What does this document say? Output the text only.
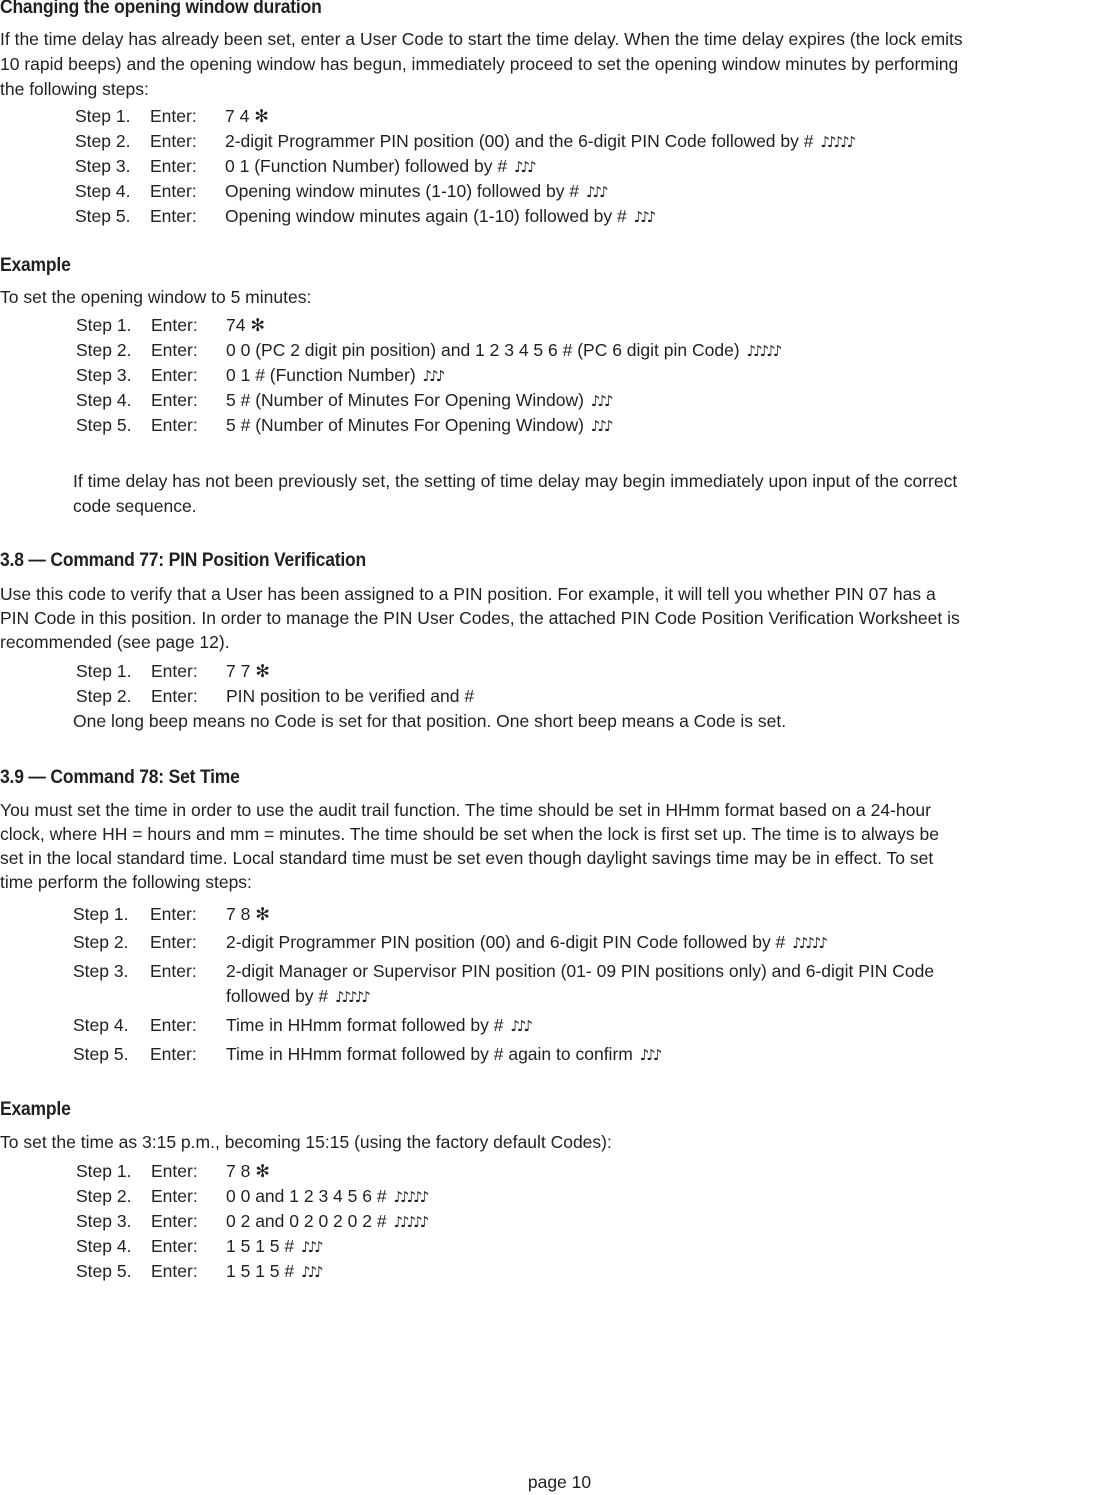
Changing the opening window duration
If the time delay has already been set, enter a User Code to start the time delay. When the time delay expires (the lock emits
10 rapid beeps) and the opening window has begun, immediately proceed to set the opening window minutes by performing
the following steps:
Step 1. Enter: 7 4 ✻
Step 2. Enter: 2-digit Programmer PIN position (00) and the 6-digit PIN Code followed by # ♪♪♪♪♪
Step 3. Enter: 0 1 (Function Number) followed by # ♪♪♪
Step 4. Enter: Opening window minutes (1-10) followed by # ♪♪♪
Step 5. Enter: Opening window minutes again (1-10) followed by # ♪♪♪
Example
To set the opening window to 5 minutes:
Step 1. Enter: 74 ✻
Step 2. Enter: 0 0 (PC 2 digit pin position) and 1 2 3 4 5 6 # (PC 6 digit pin Code) ♪♪♪♪♪
Step 3. Enter: 0 1 # (Function Number) ♪♪♪
Step 4. Enter: 5 # (Number of Minutes For Opening Window) ♪♪♪
Step 5. Enter: 5 # (Number of Minutes For Opening Window) ♪♪♪
If time delay has not been previously set, the setting of time delay may begin immediately upon input of the correct
code sequence.
3.8 — Command 77: PIN Position Verification
Use this code to verify that a User has been assigned to a PIN position. For example, it will tell you whether PIN 07 has a
PIN Code in this position. In order to manage the PIN User Codes, the attached PIN Code Position Verification Worksheet is
recommended (see page 12).
Step 1. Enter: 7 7 ✻
Step 2. Enter: PIN position to be verified and #
One long beep means no Code is set for that position. One short beep means a Code is set.
3.9 — Command 78: Set Time
You must set the time in order to use the audit trail function. The time should be set in HHmm format based on a 24-hour
clock, where HH = hours and mm = minutes. The time should be set when the lock is first set up. The time is to always be
set in the local standard time. Local standard time must be set even though daylight savings time may be in effect. To set
time perform the following steps:
Step 1. Enter: 7 8 ✻
Step 2. Enter: 2-digit Programmer PIN position (00) and 6-digit PIN Code followed by # ♪♪♪♪♪
Step 3. Enter: 2-digit Manager or Supervisor PIN position (01- 09 PIN positions only) and 6-digit PIN Code
followed by # ♪♪♪♪♪
Step 4. Enter: Time in HHmm format followed by # ♪♪♪
Step 5. Enter: Time in HHmm format followed by # again to confirm ♪♪♪
Example
To set the time as 3:15 p.m., becoming 15:15 (using the factory default Codes):
Step 1. Enter: 7 8 ✻
Step 2. Enter: 0 0 and 1 2 3 4 5 6 # ♪♪♪♪♪
Step 3. Enter: 0 2 and 0 2 0 2 0 2 # ♪♪♪♪♪
Step 4. Enter: 1 5 1 5 # ♪♪♪
Step 5. Enter: 1 5 1 5 # ♪♪♪
page 10
